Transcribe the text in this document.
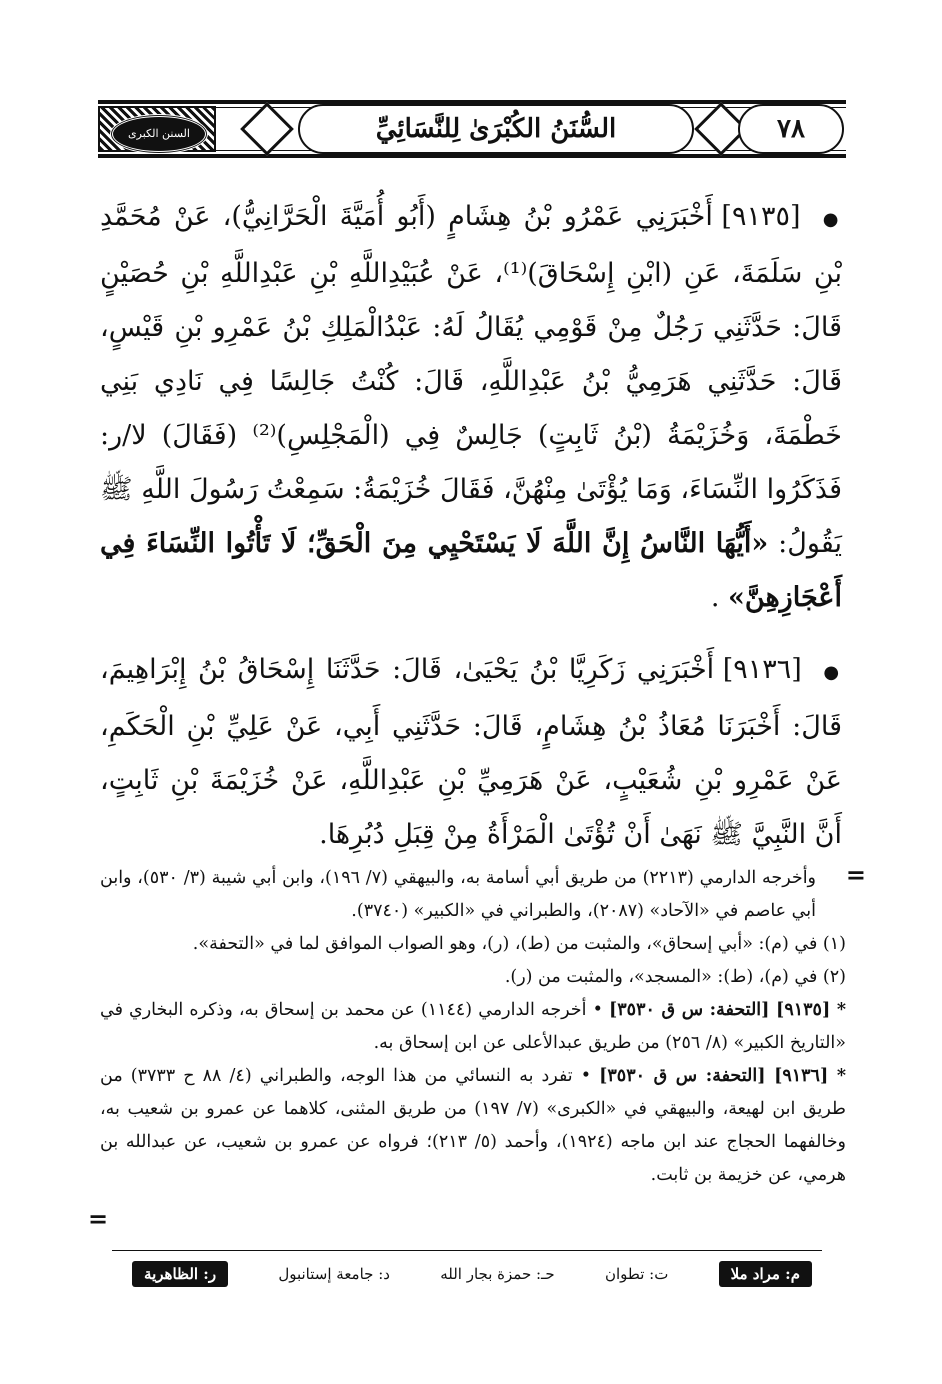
السنن الكبرى	السُّنَنُ الكُبْرَىٰ لِلنَّسَائِيِّ	٧٨

● [٩١٣٥] أَخْبَرَنِي عَمْرُو بْنُ هِشَامٍ (أَبُو أُمَيَّةَ الْحَرَّانِيُّ)، عَنْ مُحَمَّدِ بْنِ سَلَمَةَ، عَنِ (ابْنِ إِسْحَاقَ)⁽¹⁾، عَنْ عُبَيْدِاللَّهِ بْنِ عَبْدِاللَّهِ بْنِ حُصَيْنٍ قَالَ: حَدَّثَنِي رَجُلٌ مِنْ قَوْمِي يُقَالُ لَهُ: عَبْدُالْمَلِكِ بْنُ عَمْرِو بْنِ قَيْسٍ، قَالَ: حَدَّثَنِي هَرَمِيُّ بْنُ عَبْدِاللَّهِ، قَالَ: كُنْتُ جَالِسًا فِي نَادِي بَنِي خَطْمَةَ، وَخُزَيْمَةُ (بْنُ ثَابِتٍ) جَالِسٌ فِي (الْمَجْلِسِ)⁽²⁾ (فَقَالَ) لا/ر: فَذَكَرُوا النِّسَاءَ، وَمَا يُؤْتَىٰ مِنْهُنَّ، فَقَالَ خُزَيْمَةُ: سَمِعْتُ رَسُولَ اللَّهِ ﷺ يَقُولُ: «أَيُّهَا النَّاسُ إِنَّ اللَّهَ لَا يَسْتَحْيِي مِنَ الْحَقِّ؛ لَا تَأْتُوا النِّسَاءَ فِي أَعْجَازِهِنَّ» .

● [٩١٣٦] أَخْبَرَنِي زَكَرِيَّا بْنُ يَحْيَىٰ، قَالَ: حَدَّثَنَا إِسْحَاقُ بْنُ إِبْرَاهِيمَ، قَالَ: أَخْبَرَنَا مُعَاذُ بْنُ هِشَامٍ، قَالَ: حَدَّثَنِي أَبِي، عَنْ عَلِيِّ بْنِ الْحَكَمِ، عَنْ عَمْرِو بْنِ شُعَيْبٍ، عَنْ هَرَمِيِّ بْنِ عَبْدِاللَّهِ، عَنْ خُزَيْمَةَ بْنِ ثَابِتٍ، أَنَّ النَّبِيَّ ﷺ نَهَىٰ أَنْ تُؤْتَىٰ الْمَرْأَةُ مِنْ قِبَلِ دُبُرِهَا.

=

وأخرجه الدارمي (٢٢١٣) من طريق أبي أسامة به، والبيهقي (٧/ ١٩٦)، وابن أبي شيبة (٣/ ٥٣٠)، وابن أبي عاصم في «الآحاد» (٢٠٨٧)، والطبراني في «الكبير» (٣٧٤٠).

(١) في (م): «أبي إسحاق»، والمثبت من (ط)، (ر)، وهو الصواب الموافق لما في «التحفة».

(٢) في (م)، (ط): «المسجد»، والمثبت من (ر).

* [٩١٣٥] [التحفة: س ق ٣٥٣٠] • أخرجه الدارمي (١١٤٤) عن محمد بن إسحاق به، وذكره البخاري في «التاريخ الكبير» (٨/ ٢٥٦) من طريق عبدالأعلى عن ابن إسحاق به.

* [٩١٣٦] [التحفة: س ق ٣٥٣٠] • تفرد به النسائي من هذا الوجه، والطبراني (٤/ ٨٨ ح ٣٧٣٣) من طريق ابن لهيعة، والبيهقي في «الكبرى» (٧/ ١٩٧) من طريق المثنى، كلاهما عن عمرو بن شعيب به، وخالفهما الحجاج عند ابن ماجه (١٩٢٤)، وأحمد (٥/ ٢١٣)؛ فرواه عن عمرو بن شعيب، عن عبدالله بن هرمي، عن خزيمة بن ثابت.

=
م: مراد ملا
ت: تطوان
حـ: حمزة بجار الله
د: جامعة إستانبول
ر: الظاهرية
